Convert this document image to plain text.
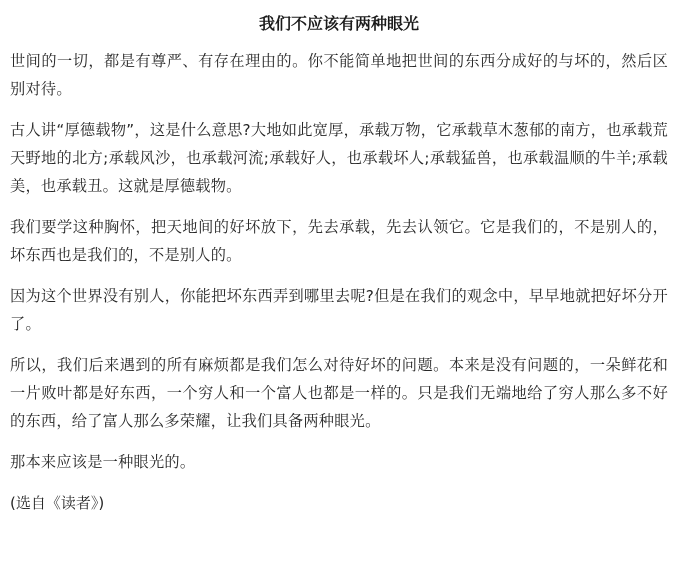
我们不应该有两种眼光

世间的一切，都是有尊严、有存在理由的。你不能简单地把世间的东西分成好的与坏的，然后区别对待。

古人讲“厚德载物”，这是什么意思?大地如此宽厚，承载万物，它承载草木葱郁的南方，也承载荒天野地的北方;承载风沙，也承载河流;承载好人，也承载坏人;承载猛兽，也承载温顺的牛羊;承载美，也承载丑。这就是厚德载物。

我们要学这种胸怀，把天地间的好坏放下，先去承载，先去认领它。它是我们的，不是别人的，坏东西也是我们的，不是别人的。

因为这个世界没有别人，你能把坏东西弄到哪里去呢?但是在我们的观念中，早早地就把好坏分开了。

所以，我们后来遇到的所有麻烦都是我们怎么对待好坏的问题。本来是没有问题的，一朵鲜花和一片败叶都是好东西，一个穷人和一个富人也都是一样的。只是我们无端地给了穷人那么多不好的东西，给了富人那么多荣耀，让我们具备两种眼光。

那本来应该是一种眼光的。

(选自《读者》)
